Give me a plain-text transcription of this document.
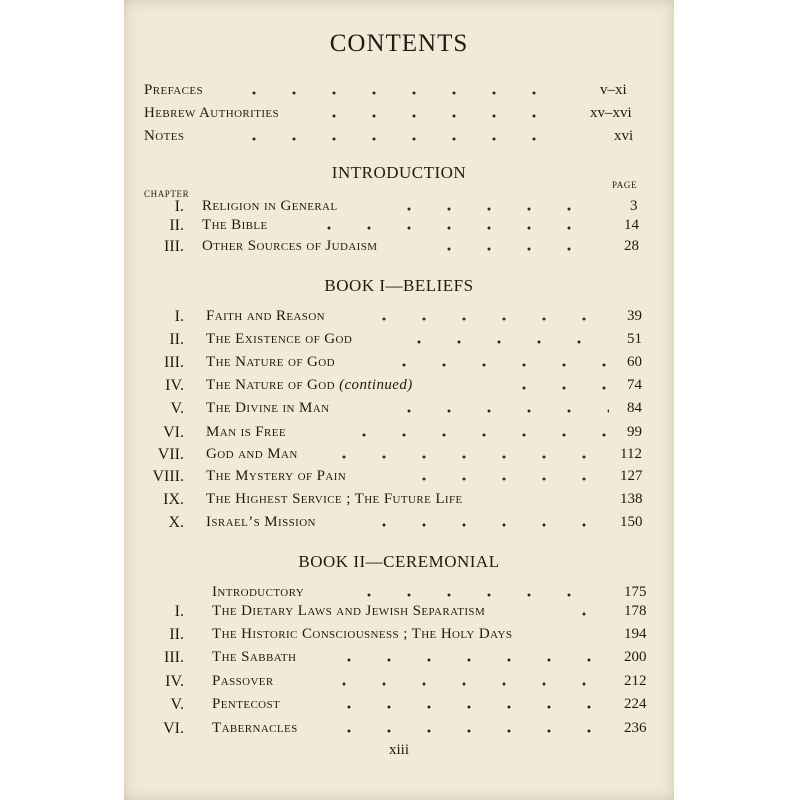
CONTENTS
Prefaces	v–xi
Hebrew Authorities	xv–xvi
Notes	xvi
INTRODUCTION
CHAPTER
PAGE
I. Religion in General	3
II. The Bible	14
III. Other Sources of Judaism	28
BOOK I—BELIEFS
I. Faith and Reason	39
II. The Existence of God	51
III. The Nature of God	60
IV. The Nature of God (continued)	74
V. The Divine in Man	84
VI. Man is Free	99
VII. God and Man	112
VIII. The Mystery of Pain	127
IX. The Highest Service ; The Future Life	138
X. Israel’s Mission	150
BOOK II—CEREMONIAL
Introductory	175
I. The Dietary Laws and Jewish Separatism	178
II. The Historic Consciousness ; The Holy Days	194
III. The Sabbath	200
IV. Passover	212
V. Pentecost	224
VI. Tabernacles	236
xiii
